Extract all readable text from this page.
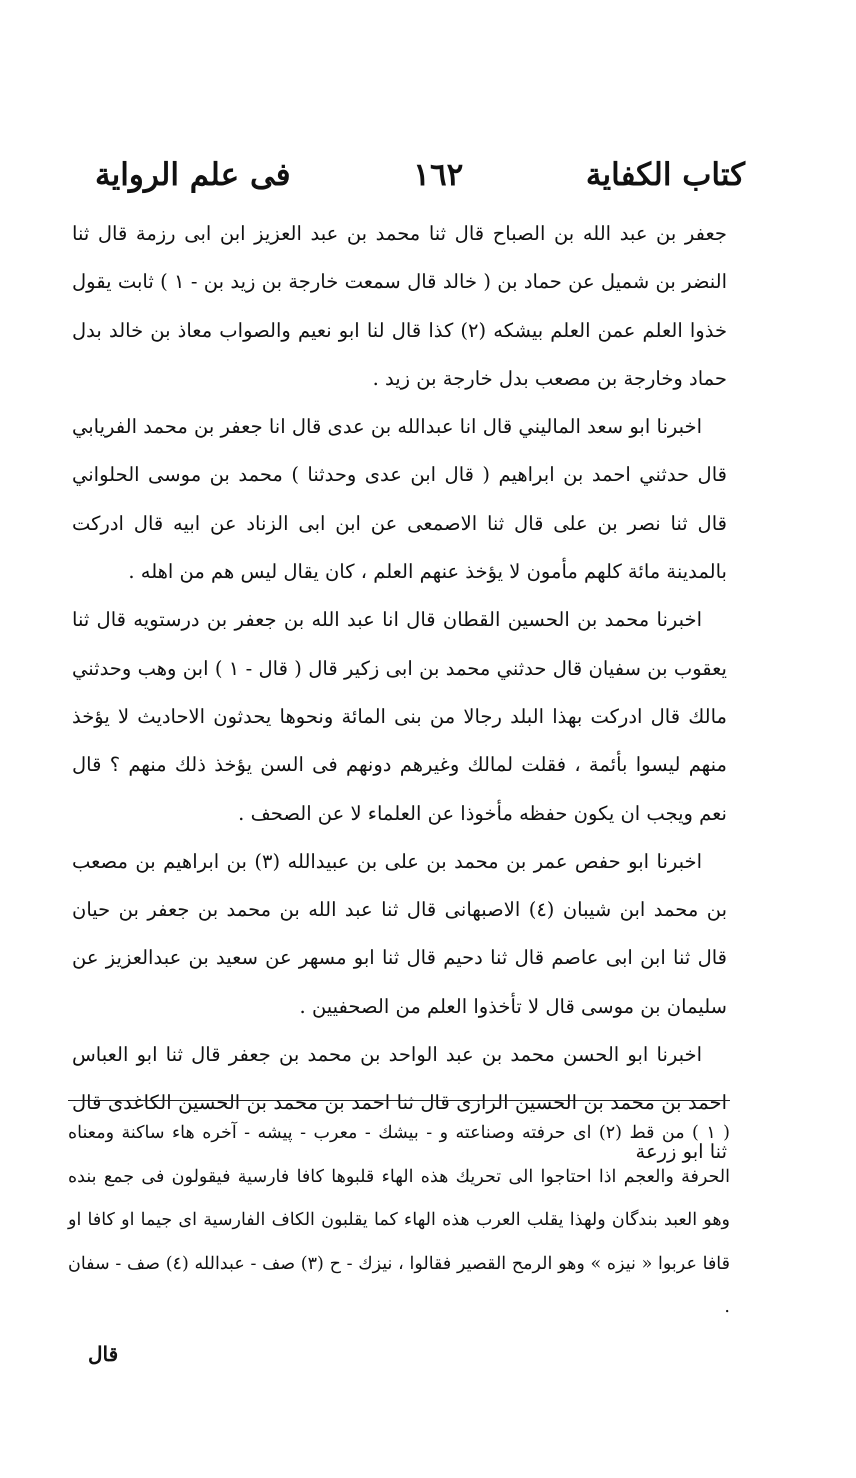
كتاب الكفاية
١٦٢
فى علم الرواية

جعفر بن عبد الله بن الصباح قال ثنا محمد بن عبد العزيز ابن ابى رزمة قال ثنا النضر بن شميل عن حماد بن ( خالد قال سمعت خارجة بن زيد بن - ١ ) ثابت يقول خذوا العلم عمن العلم بيشكه (٢) كذا قال لنا ابو نعيم والصواب معاذ بن خالد بدل حماد وخارجة بن مصعب بدل خارجة بن زيد .

اخبرنا ابو سعد الماليني قال انا عبدالله بن عدى قال انا جعفر بن محمد الفريابي قال حدثني احمد بن ابراهيم ( قال ابن عدى وحدثنا ) محمد بن موسى الحلواني قال ثنا نصر بن على قال ثنا الاصمعى عن ابن ابى الزناد عن ابيه قال ادركت بالمدينة مائة كلهم مأمون لا يؤخذ عنهم العلم ، كان يقال ليس هم من اهله .

اخبرنا محمد بن الحسين القطان قال انا عبد الله بن جعفر بن درستويه قال ثنا يعقوب بن سفيان قال حدثني محمد بن ابى زكير قال ( قال - ١ ) ابن وهب وحدثني مالك قال ادركت بهذا البلد رجالا من بنى المائة ونحوها يحدثون الاحاديث لا يؤخذ منهم ليسوا بأئمة ، فقلت لمالك وغيرهم دونهم فى السن يؤخذ ذلك منهم ؟ قال نعم ويجب ان يكون حفظه مأخوذا عن العلماء لا عن الصحف .

اخبرنا ابو حفص عمر بن محمد بن على بن عبيدالله (٣) بن ابراهيم بن مصعب بن محمد ابن شيبان (٤) الاصبهانى قال ثنا عبد الله بن محمد بن جعفر بن حيان قال ثنا ابن ابى عاصم قال ثنا دحيم قال ثنا ابو مسهر عن سعيد بن عبدالعزيز عن سليمان بن موسى قال لا تأخذوا العلم من الصحفيين .

اخبرنا ابو الحسن محمد بن عبد الواحد بن محمد بن جعفر قال ثنا ابو العباس احمد بن محمد بن الحسين الرازى قال ثنا احمد بن محمد بن الحسين الكاغدى قال ثنا ابو زرعة

( ١ ) من قط (٢) اى حرفته وصناعته و - بيشك - معرب - پيشه - آخره هاء ساكنة ومعناه الحرفة والعجم اذا احتاجوا الى تحريك هذه الهاء قلبوها كافا فارسية فيقولون فى جمع بنده وهو العبد بندگان ولهذا يقلب العرب هذه الهاء كما يقلبون الكاف الفارسية اى جيما او كافا او قافا عربوا « نيزه » وهو الرمح القصير فقالوا ، نيزك - ح (٣) صف - عبدالله (٤) صف - سفان .
قال
